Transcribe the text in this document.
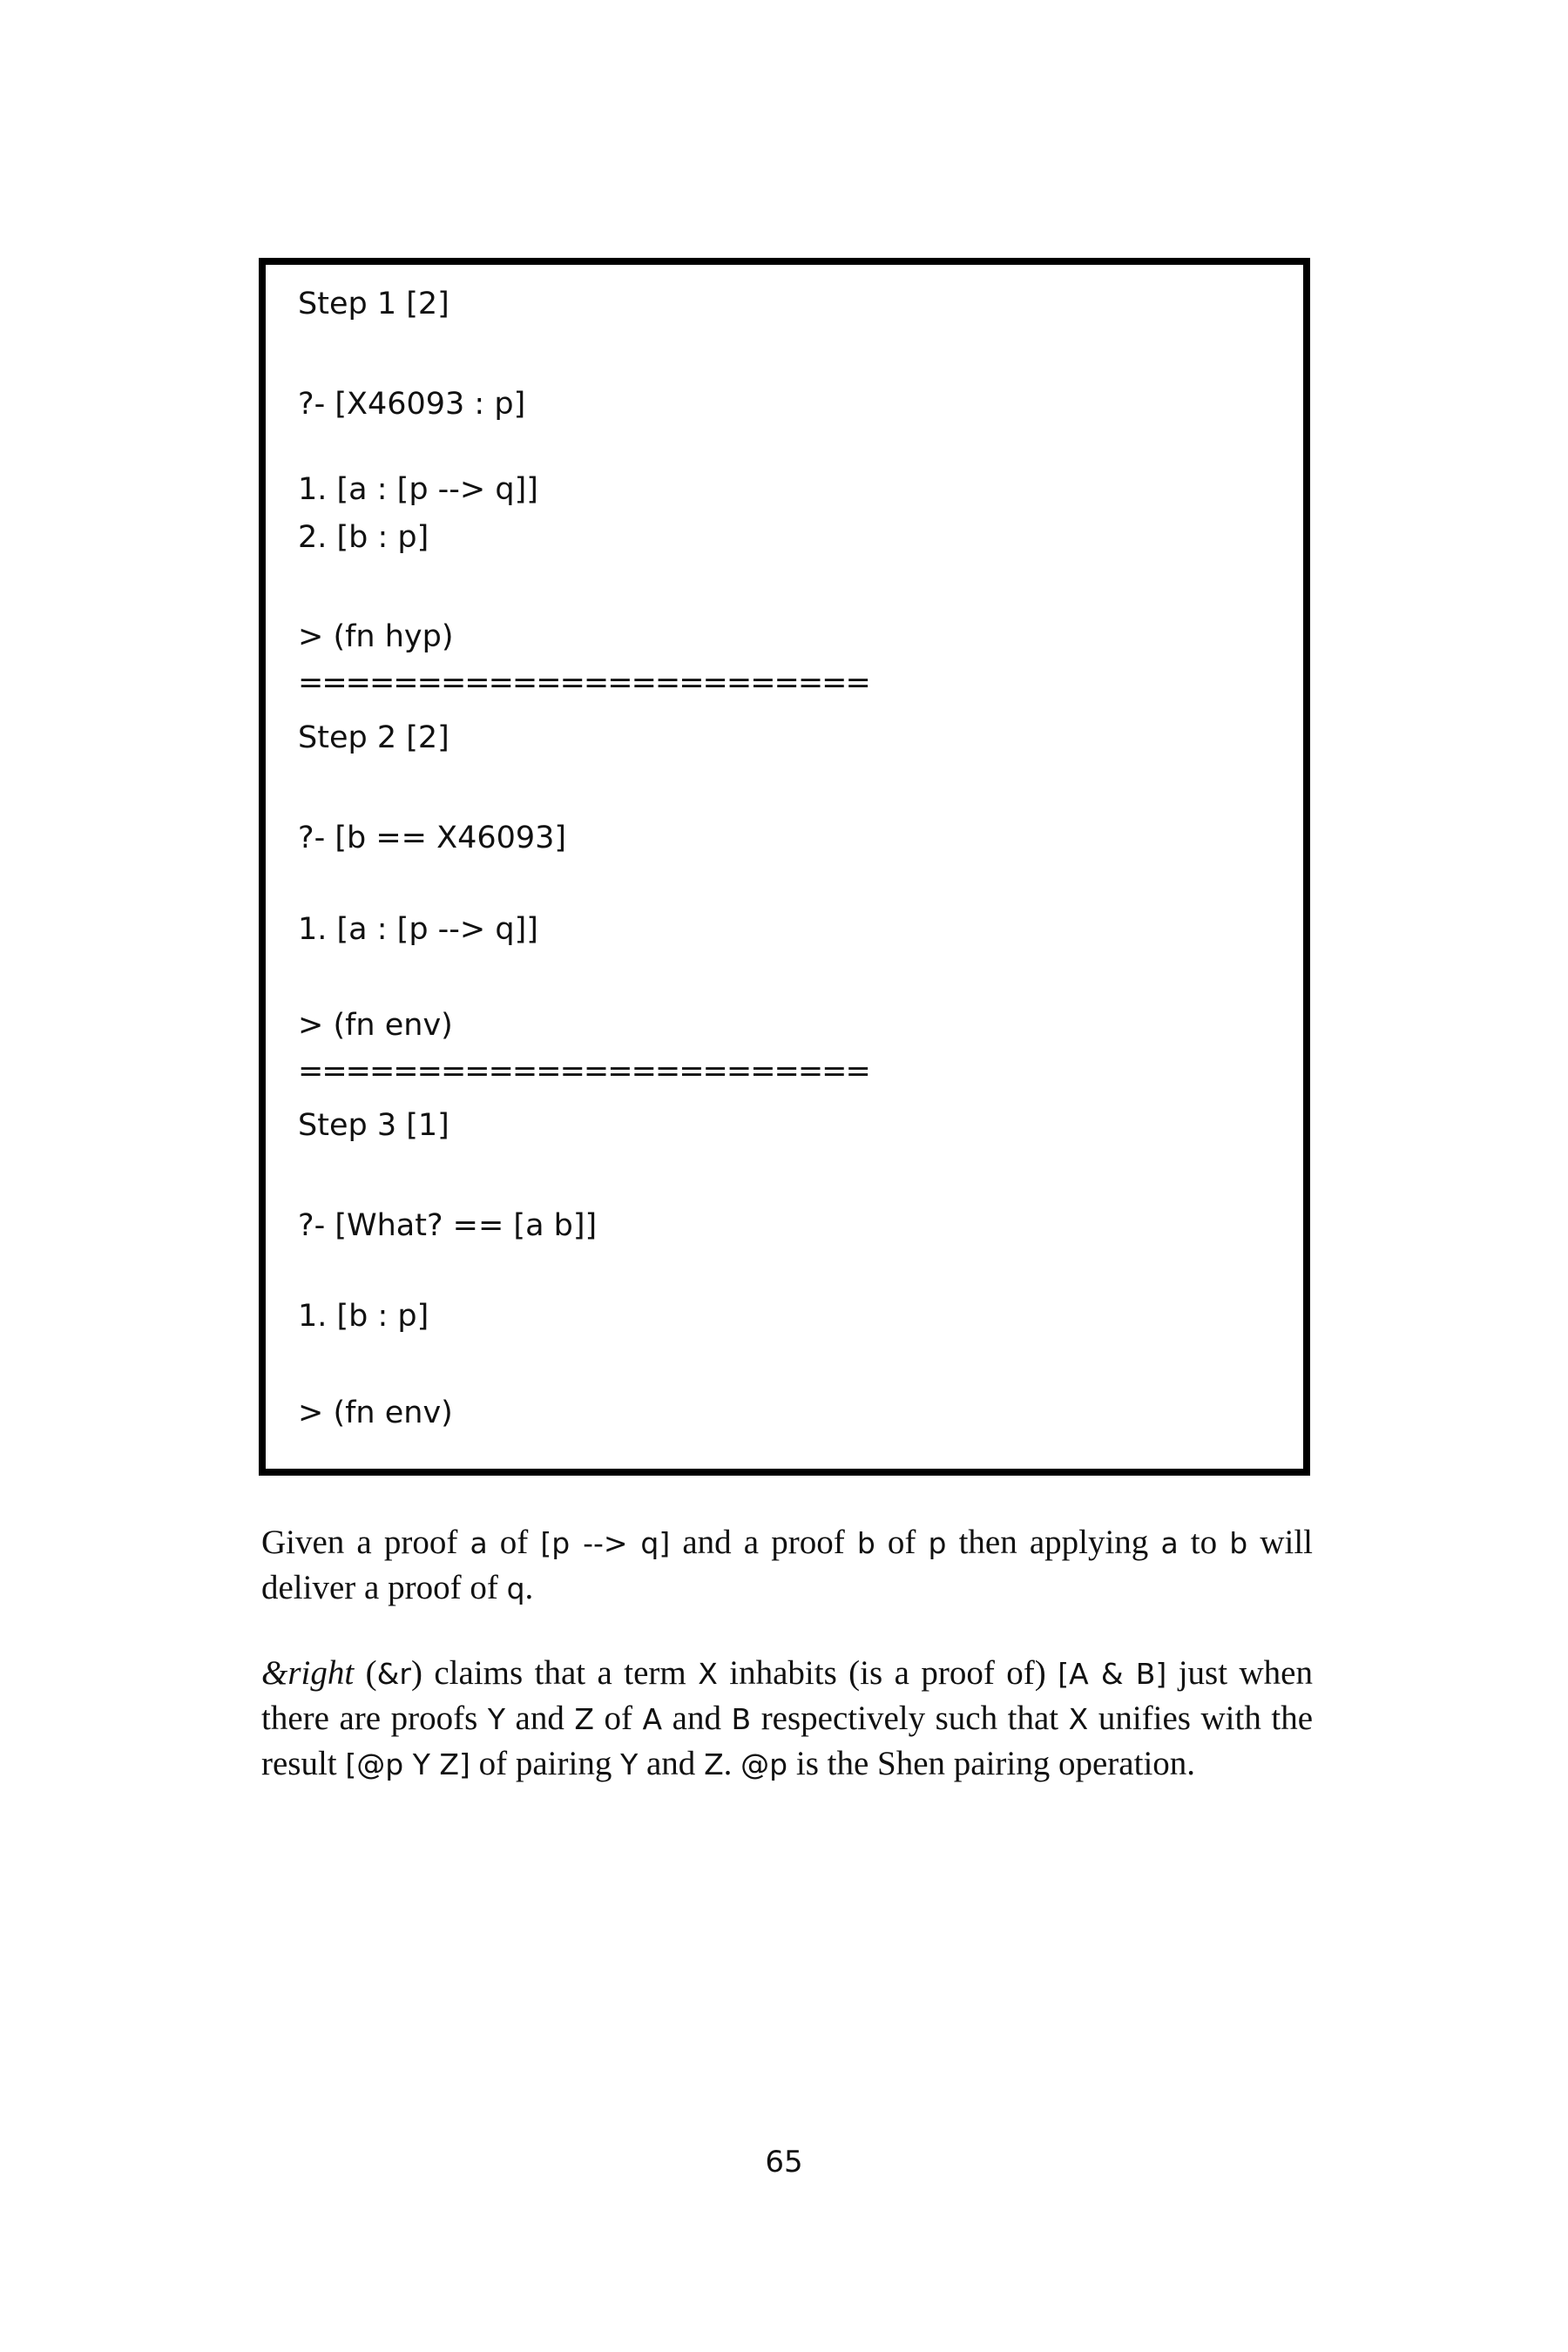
Step 1 [2]
?- [X46093 : p]
1. [a : [p --> q]]
2. [b : p]
> (fn hyp)
========================
Step 2 [2]
?- [b == X46093]
1. [a : [p --> q]]
> (fn env)
========================
Step 3 [1]
?- [What? == [a b]]
1. [b : p]
> (fn env)

Given a proof a of [p --> q] and a proof b of p then applying a to b will deliver a proof of q.

&right (&r) claims that a term X inhabits (is a proof of) [A & B] just when there are proofs Y and Z of A and B respectively such that X unifies with the result [@p Y Z] of pairing Y and Z. @p is the Shen pairing operation.

65
